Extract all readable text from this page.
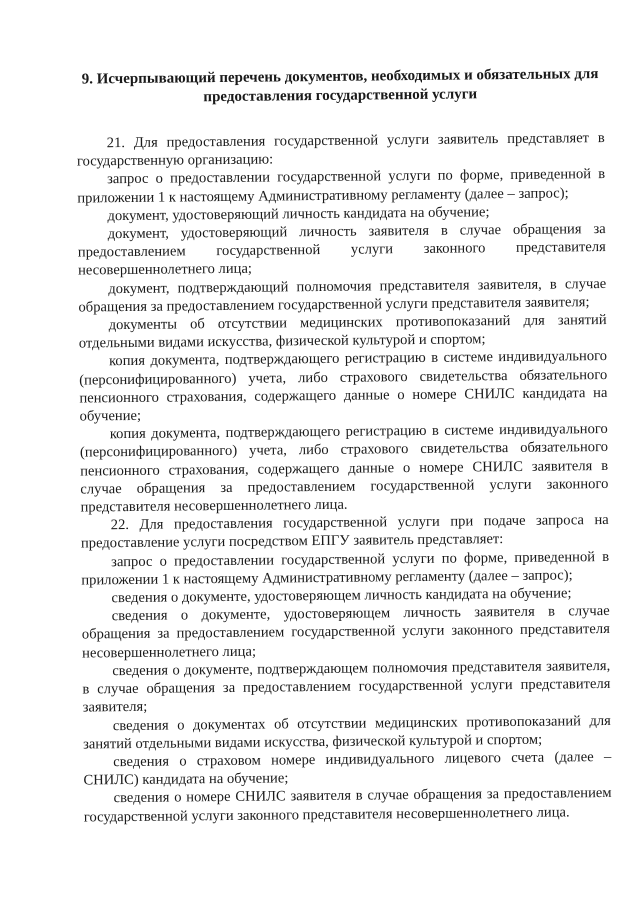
9. Исчерпывающий перечень документов, необходимых и обязательных для
предоставления государственной услуги

21. Для предоставления государственной услуги заявитель представляет в государственную организацию:

запрос о предоставлении государственной услуги по форме, приведенной в приложении 1 к настоящему Административному регламенту (далее – запрос);

документ, удостоверяющий личность кандидата на обучение;

документ, удостоверяющий личность заявителя в случае обращения за предоставлением государственной услуги законного представителя несовершеннолетнего лица;

документ, подтверждающий полномочия представителя заявителя, в случае обращения за предоставлением государственной услуги представителя заявителя;

документы об отсутствии медицинских противопоказаний для занятий отдельными видами искусства, физической культурой и спортом;

копия документа, подтверждающего регистрацию в системе индивидуального (персонифицированного) учета, либо страхового свидетельства обязательного пенсионного страхования, содержащего данные о номере СНИЛС кандидата на обучение;

копия документа, подтверждающего регистрацию в системе индивидуального (персонифицированного) учета, либо страхового свидетельства обязательного пенсионного страхования, содержащего данные о номере СНИЛС заявителя в случае обращения за предоставлением государственной услуги законного представителя несовершеннолетнего лица.

22. Для предоставления государственной услуги при подаче запроса на предоставление услуги посредством ЕПГУ заявитель представляет:

запрос о предоставлении государственной услуги по форме, приведенной в приложении 1 к настоящему Административному регламенту (далее – запрос);

сведения о документе, удостоверяющем личность кандидата на обучение;

сведения о документе, удостоверяющем личность заявителя в случае обращения за предоставлением государственной услуги законного представителя несовершеннолетнего лица;

сведения о документе, подтверждающем полномочия представителя заявителя, в случае обращения за предоставлением государственной услуги представителя заявителя;

сведения о документах об отсутствии медицинских противопоказаний для занятий отдельными видами искусства, физической культурой и спортом;

сведения о страховом номере индивидуального лицевого счета (далее – СНИЛС) кандидата на обучение;

сведения о номере СНИЛС заявителя в случае обращения за предоставлением государственной услуги законного представителя несовершеннолетнего лица.
